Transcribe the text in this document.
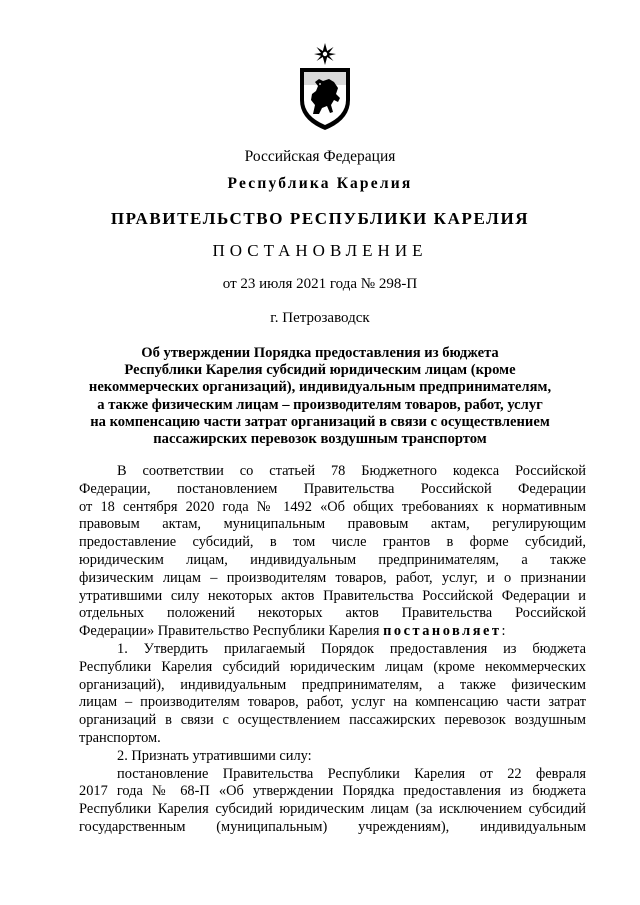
Российская Федерация
Республика Карелия
ПРАВИТЕЛЬСТВО РЕСПУБЛИКИ КАРЕЛИЯ
ПОСТАНОВЛЕНИЕ
от 23 июля 2021 года № 298-П
г. Петрозаводск
Об утверждении Порядка предоставления из бюджета
Республики Карелия субсидий юридическим лицам (кроме
некоммерческих организаций), индивидуальным предпринимателям,
а также физическим лицам – производителям товаров, работ, услуг
на компенсацию части затрат организаций в связи с осуществлением
пассажирских перевозок воздушным транспортом
В соответствии со статьей 78 Бюджетного кодекса Российской
Федерации, постановлением Правительства Российской Федерации
от 18 сентября 2020 года № 1492 «Об общих требованиях к нормативным
правовым актам, муниципальным правовым актам, регулирующим
предоставление субсидий, в том числе грантов в форме субсидий,
юридическим лицам, индивидуальным предпринимателям, а также
физическим лицам – производителям товаров, работ, услуг, и о признании
утратившими силу некоторых актов Правительства Российской Федерации и
отдельных положений некоторых актов Правительства Российской
Федерации» Правительство Республики Карелия постановляет:
1. Утвердить прилагаемый Порядок предоставления из бюджета
Республики Карелия субсидий юридическим лицам (кроме некоммерческих
организаций), индивидуальным предпринимателям, а также физическим
лицам – производителям товаров, работ, услуг на компенсацию части затрат
организаций в связи с осуществлением пассажирских перевозок воздушным
транспортом.
2. Признать утратившими силу:
постановление Правительства Республики Карелия от 22 февраля
2017 года № 68-П «Об утверждении Порядка предоставления из бюджета
Республики Карелия субсидий юридическим лицам (за исключением субсидий
государственным (муниципальным) учреждениям), индивидуальным
